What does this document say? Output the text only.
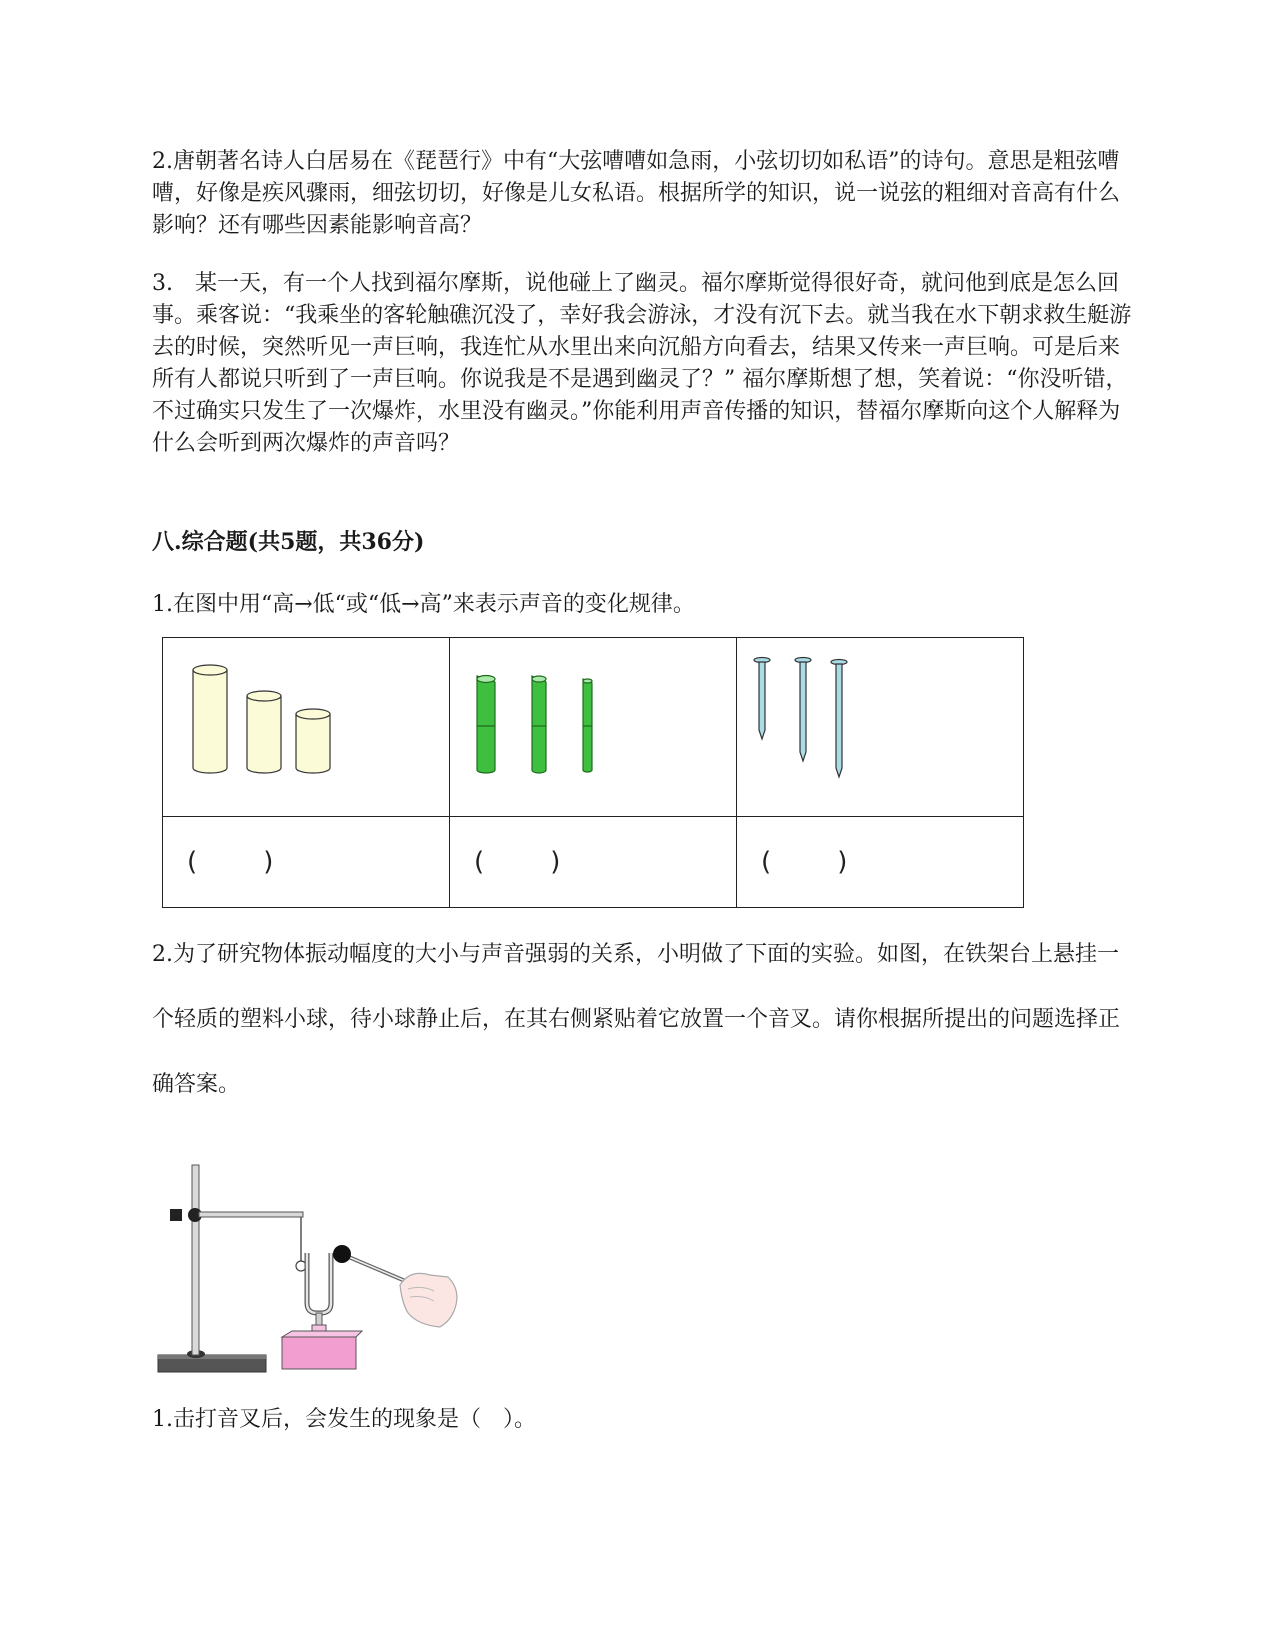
2.唐朝著名诗人白居易在《琵琶行》中有“大弦嘈嘈如急雨，小弦切切如私语”的诗句。意思是粗弦嘈嘈，好像是疾风骤雨，细弦切切，好像是儿女私语。根据所学的知识，说一说弦的粗细对音高有什么影响？还有哪些因素能影响音高？

3.　某一天，有一个人找到福尔摩斯，说他碰上了幽灵。福尔摩斯觉得很好奇，就问他到底是怎么回事。乘客说：“我乘坐的客轮触礁沉没了，幸好我会游泳，才没有沉下去。就当我在水下朝求救生艇游去的时候，突然听见一声巨响，我连忙从水里出来向沉船方向看去，结果又传来一声巨响。可是后来所有人都说只听到了一声巨响。你说我是不是遇到幽灵了？” 福尔摩斯想了想，笑着说：“你没听错，不过确实只发生了一次爆炸，水里没有幽灵。”你能利用声音传播的知识，替福尔摩斯向这个人解释为什么会听到两次爆炸的声音吗？

八.综合题(共5题，共36分)

1.在图中用“高→低“或“低→高”来表示声音的变化规律。

(        )	(        )	(        )

2.为了研究物体振动幅度的大小与声音强弱的关系，小明做了下面的实验。如图，在铁架台上悬挂一个轻质的塑料小球，待小球静止后，在其右侧紧贴着它放置一个音叉。请你根据所提出的问题选择正确答案。

1.击打音叉后，会发生的现象是（　）。
